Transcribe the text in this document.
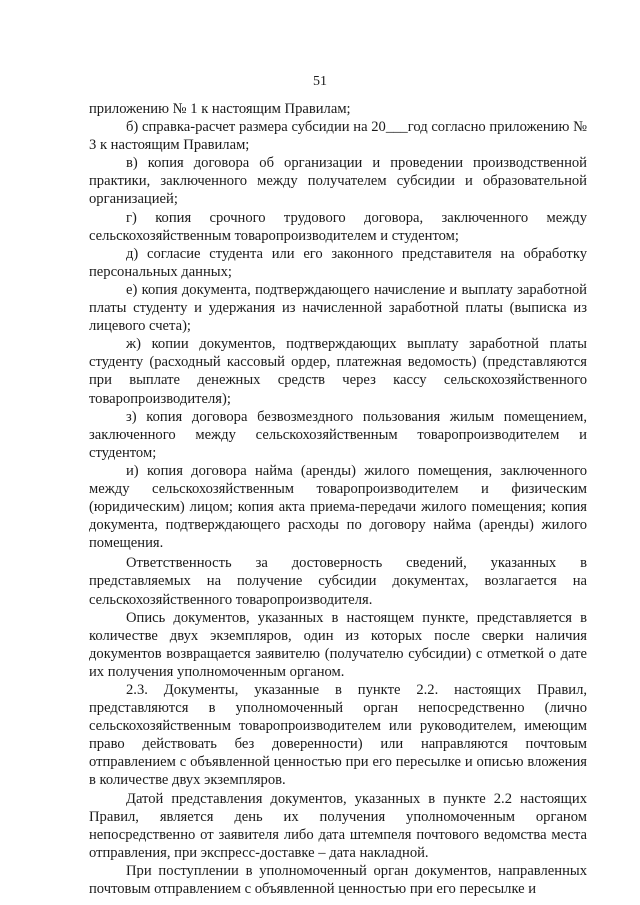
51

приложению № 1 к настоящим Правилам;

б) справка-расчет размера субсидии на 20___год согласно приложению № 3 к настоящим Правилам;

в) копия договора об организации и проведении производственной практики, заключенного между получателем субсидии и образовательной организацией;

г) копия срочного трудового договора, заключенного между сельскохозяйственным товаропроизводителем и студентом;

д) согласие студента или его законного представителя на обработку персональных данных;

е) копия документа, подтверждающего начисление и выплату заработной платы студенту и удержания из начисленной заработной платы (выписка из лицевого счета);

ж) копии документов, подтверждающих выплату заработной платы студенту (расходный кассовый ордер, платежная ведомость) (представляются при выплате денежных средств через кассу сельскохозяйственного товаропроизводителя);

з) копия договора безвозмездного пользования жилым помещением, заключенного между сельскохозяйственным товаропроизводителем и студентом;

и) копия договора найма (аренды) жилого помещения, заключенного между сельскохозяйственным товаропроизводителем и физическим (юридическим) лицом; копия акта приема-передачи жилого помещения; копия документа, подтверждающего расходы по договору найма (аренды) жилого помещения.

Ответственность за достоверность сведений, указанных в представляемых на получение субсидии документах, возлагается на сельскохозяйственного товаропроизводителя.

Опись документов, указанных в настоящем пункте, представляется в количестве двух экземпляров, один из которых после сверки наличия документов возвращается заявителю (получателю субсидии) с отметкой о дате их получения уполномоченным органом.

2.3. Документы, указанные в пункте 2.2. настоящих Правил, представляются в уполномоченный орган непосредственно (лично сельскохозяйственным товаропроизводителем или руководителем, имеющим право действовать без доверенности) или направляются почтовым отправлением с объявленной ценностью при его пересылке и описью вложения в количестве двух экземпляров.

Датой представления документов, указанных в пункте 2.2 настоящих Правил, является день их получения уполномоченным органом непосредственно от заявителя либо дата штемпеля почтового ведомства места отправления, при экспресс-доставке – дата накладной.

При поступлении в уполномоченный орган документов, направленных почтовым отправлением с объявленной ценностью при его пересылке и
